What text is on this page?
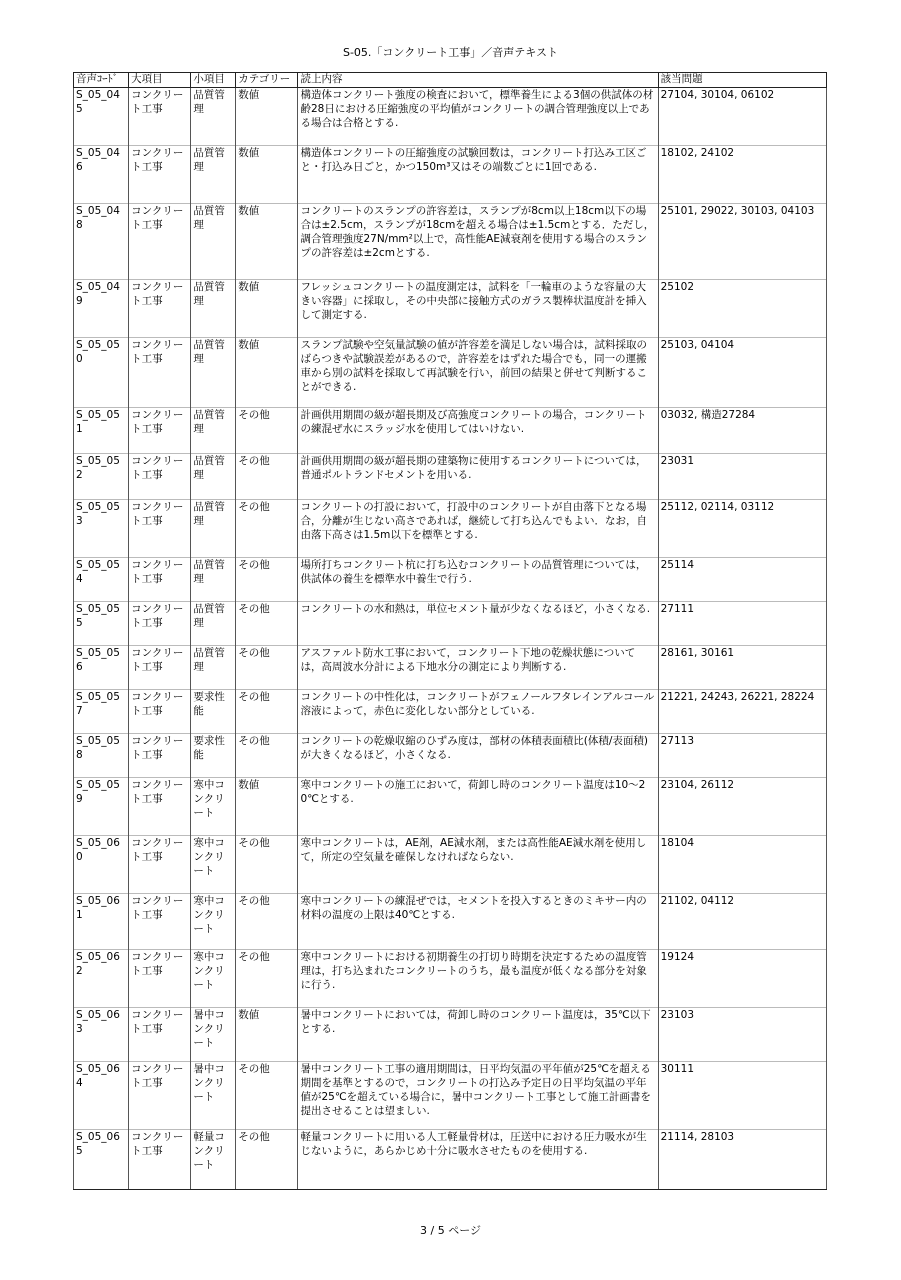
S-05.「コンクリート工事」／音声テキスト
音声ｺｰﾄﾞ	大項目	小項目	カテゴリー	読上内容	該当問題
S_05_045	コンクリート工事	品質管理	数値	構造体コンクリート強度の検査において，標準養生による3個の供試体の材齢28日における圧縮強度の平均値がコンクリートの調合管理強度以上である場合は合格とする.	27104, 30104, 06102
S_05_046	コンクリート工事	品質管理	数値	構造体コンクリートの圧縮強度の試験回数は，コンクリート打込み工区ごと・打込み日ごと，かつ150m³又はその端数ごとに1回である.	18102, 24102
S_05_048	コンクリート工事	品質管理	数値	コンクリートのスランプの許容差は，スランプが8cm以上18cm以下の場合は±2.5cm，スランプが18cmを超える場合は±1.5cmとする．ただし，調合管理強度27N/mm²以上で，高性能AE減衰剤を使用する場合のスランプの許容差は±2cmとする.	25101, 29022, 30103, 04103
S_05_049	コンクリート工事	品質管理	数値	フレッシュコンクリートの温度測定は，試料を「一輪車のような容量の大きい容器」に採取し，その中央部に接触方式のガラス製棒状温度計を挿入して測定する.	25102
S_05_050	コンクリート工事	品質管理	数値	スランプ試験や空気量試験の値が許容差を満足しない場合は，試料採取のばらつきや試験誤差があるので，許容差をはずれた場合でも，同一の運搬車から別の試料を採取して再試験を行い，前回の結果と併せて判断することができる.	25103, 04104
S_05_051	コンクリート工事	品質管理	その他	計画供用期間の級が超長期及び高強度コンクリートの場合，コンクリートの練混ぜ水にスラッジ水を使用してはいけない.	03032, 構造27284
S_05_052	コンクリート工事	品質管理	その他	計画供用期間の級が超長期の建築物に使用するコンクリートについては，普通ポルトランドセメントを用いる.	23031
S_05_053	コンクリート工事	品質管理	その他	コンクリートの打設において，打設中のコンクリートが自由落下となる場合，分離が生じない高さであれば，継続して打ち込んでもよい．なお，自由落下高さは1.5m以下を標準とする.	25112, 02114, 03112
S_05_054	コンクリート工事	品質管理	その他	場所打ちコンクリート杭に打ち込むコンクリートの品質管理については，供試体の養生を標準水中養生で行う.	25114
S_05_055	コンクリート工事	品質管理	その他	コンクリートの水和熱は，単位セメント量が少なくなるほど，小さくなる.	27111
S_05_056	コンクリート工事	品質管理	その他	アスファルト防水工事において，コンクリート下地の乾燥状態については，高周波水分計による下地水分の測定により判断する.	28161, 30161
S_05_057	コンクリート工事	要求性能	その他	コンクリートの中性化は，コンクリートがフェノールフタレインアルコール溶液によって，赤色に変化しない部分としている.	21221, 24243, 26221, 28224
S_05_058	コンクリート工事	要求性能	その他	コンクリートの乾燥収縮のひずみ度は，部材の体積表面積比(体積/表面積)が大きくなるほど，小さくなる.	27113
S_05_059	コンクリート工事	寒中コンクリート	数値	寒中コンクリートの施工において，荷卸し時のコンクリート温度は10～20℃とする.	23104, 26112
S_05_060	コンクリート工事	寒中コンクリート	その他	寒中コンクリートは，AE剤，AE減水剤，または高性能AE減水剤を使用して，所定の空気量を確保しなければならない.	18104
S_05_061	コンクリート工事	寒中コンクリート	その他	寒中コンクリートの練混ぜでは，セメントを投入するときのミキサー内の材料の温度の上限は40℃とする.	21102, 04112
S_05_062	コンクリート工事	寒中コンクリート	その他	寒中コンクリートにおける初期養生の打切り時期を決定するための温度管理は，打ち込まれたコンクリートのうち，最も温度が低くなる部分を対象に行う.	19124
S_05_063	コンクリート工事	暑中コンクリート	数値	暑中コンクリートにおいては，荷卸し時のコンクリート温度は，35℃以下とする.	23103
S_05_064	コンクリート工事	暑中コンクリート	その他	暑中コンクリート工事の適用期間は，日平均気温の平年値が25℃を超える期間を基準とするので，コンクリートの打込み予定日の日平均気温の平年値が25℃を超えている場合に，暑中コンクリート工事として施工計画書を提出させることは望ましい.	30111
S_05_065	コンクリート工事	軽量コンクリート	その他	軽量コンクリートに用いる人工軽量骨材は，圧送中における圧力吸水が生じないように，あらかじめ十分に吸水させたものを使用する.	21114, 28103
3 / 5 ページ
